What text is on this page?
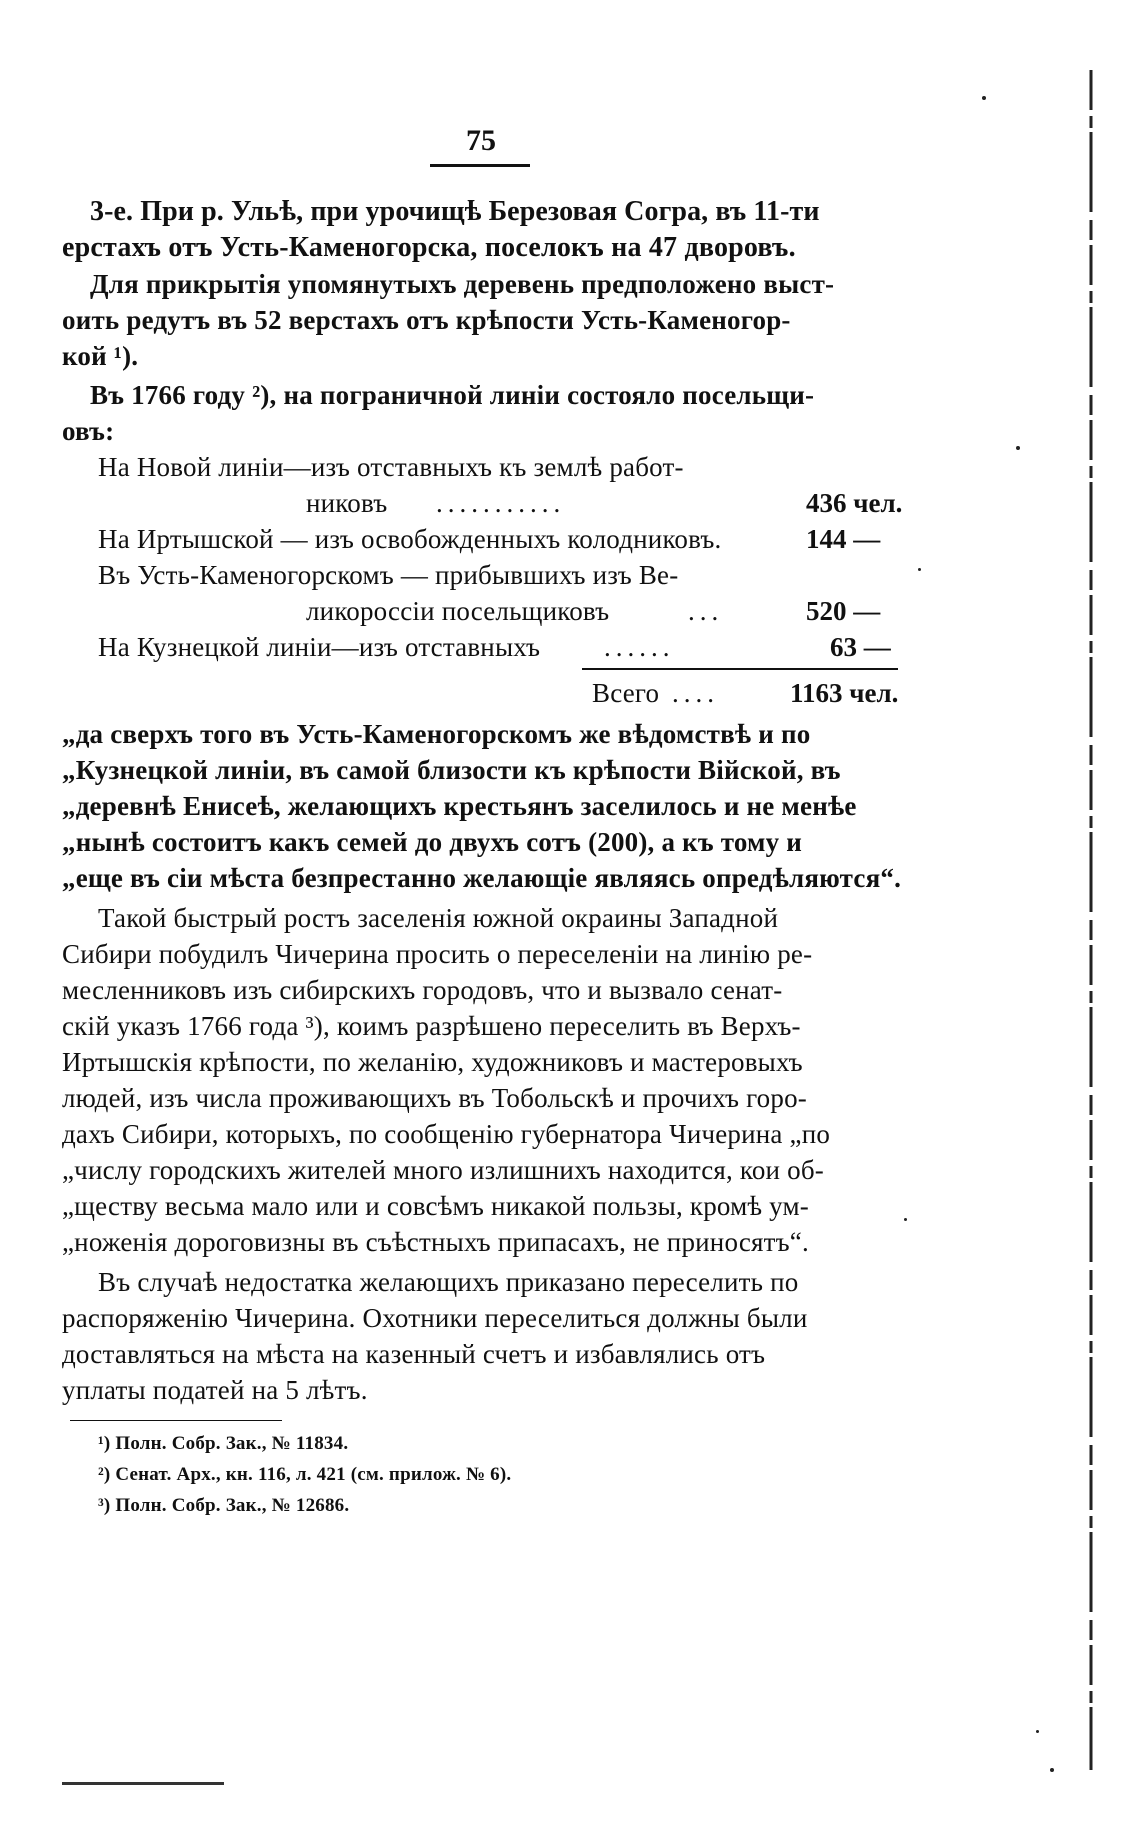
75
3-е. При р. Ульѣ, при урочищѣ Березовая Согра, въ 11-ти
ерстахъ отъ Усть-Каменогорска, поселокъ на 47 дворовъ.
Для прикрытія упомянутыхъ деревень предположено выст-
оить редутъ въ 52 верстахъ отъ крѣпости Усть-Каменогор-
кой ¹).
Въ 1766 году ²), на пограничной линіи состояло посельщи-
овъ:
На Новой линіи—изъ отставныхъ къ землѣ работ-
никовъ ...........	436 чел.
На Иртышской — изъ освобожденныхъ колодниковъ.	144 —
Въ Усть-Каменогорскомъ — прибывшихъ изъ Ве-
ликороссіи посельщиковъ	...	520 —
На Кузнецкой линіи—изъ отставныхъ ......	63 —
Всего ....	1163 чел.
„да сверхъ того въ Усть-Каменогорскомъ же вѣдомствѣ и по
„Кузнецкой линіи, въ самой близости къ крѣпости Війской, въ
„деревнѣ Енисеѣ, желающихъ крестьянъ заселилось и не менѣе
„нынѣ состоитъ какъ семей до двухъ сотъ (200), а къ тому и
„еще въ сіи мѣста безпрестанно желающіе являясь опредѣляются“.
Такой быстрый ростъ заселенія южной окраины Западной
Сибири побудилъ Чичерина просить о переселеніи на линію ре-
месленниковъ изъ сибирскихъ городовъ, что и вызвало сенат-
скій указъ 1766 года ³), коимъ разрѣшено переселить въ Верхъ-
Иртышскія крѣпости, по желанію, художниковъ и мастеровыхъ
людей, изъ числа проживающихъ въ Тобольскѣ и прочихъ горо-
дахъ Сибири, которыхъ, по сообщенію губернатора Чичерина „по
„числу городскихъ жителей много излишнихъ находится, кои об-
„ществу весьма мало или и совсѣмъ никакой пользы, кромѣ ум-
„ноженія дороговизны въ съѣстныхъ припасахъ, не приносятъ“.
Въ случаѣ недостатка желающихъ приказано переселить по
распоряженію Чичерина. Охотники переселиться должны были
доставляться на мѣста на казенный счетъ и избавлялись отъ
уплаты податей на 5 лѣтъ.
¹) Полн. Собр. Зак., № 11834.
²) Сенат. Арх., кн. 116, л. 421 (см. прилож. № 6).
³) Полн. Собр. Зак., № 12686.
